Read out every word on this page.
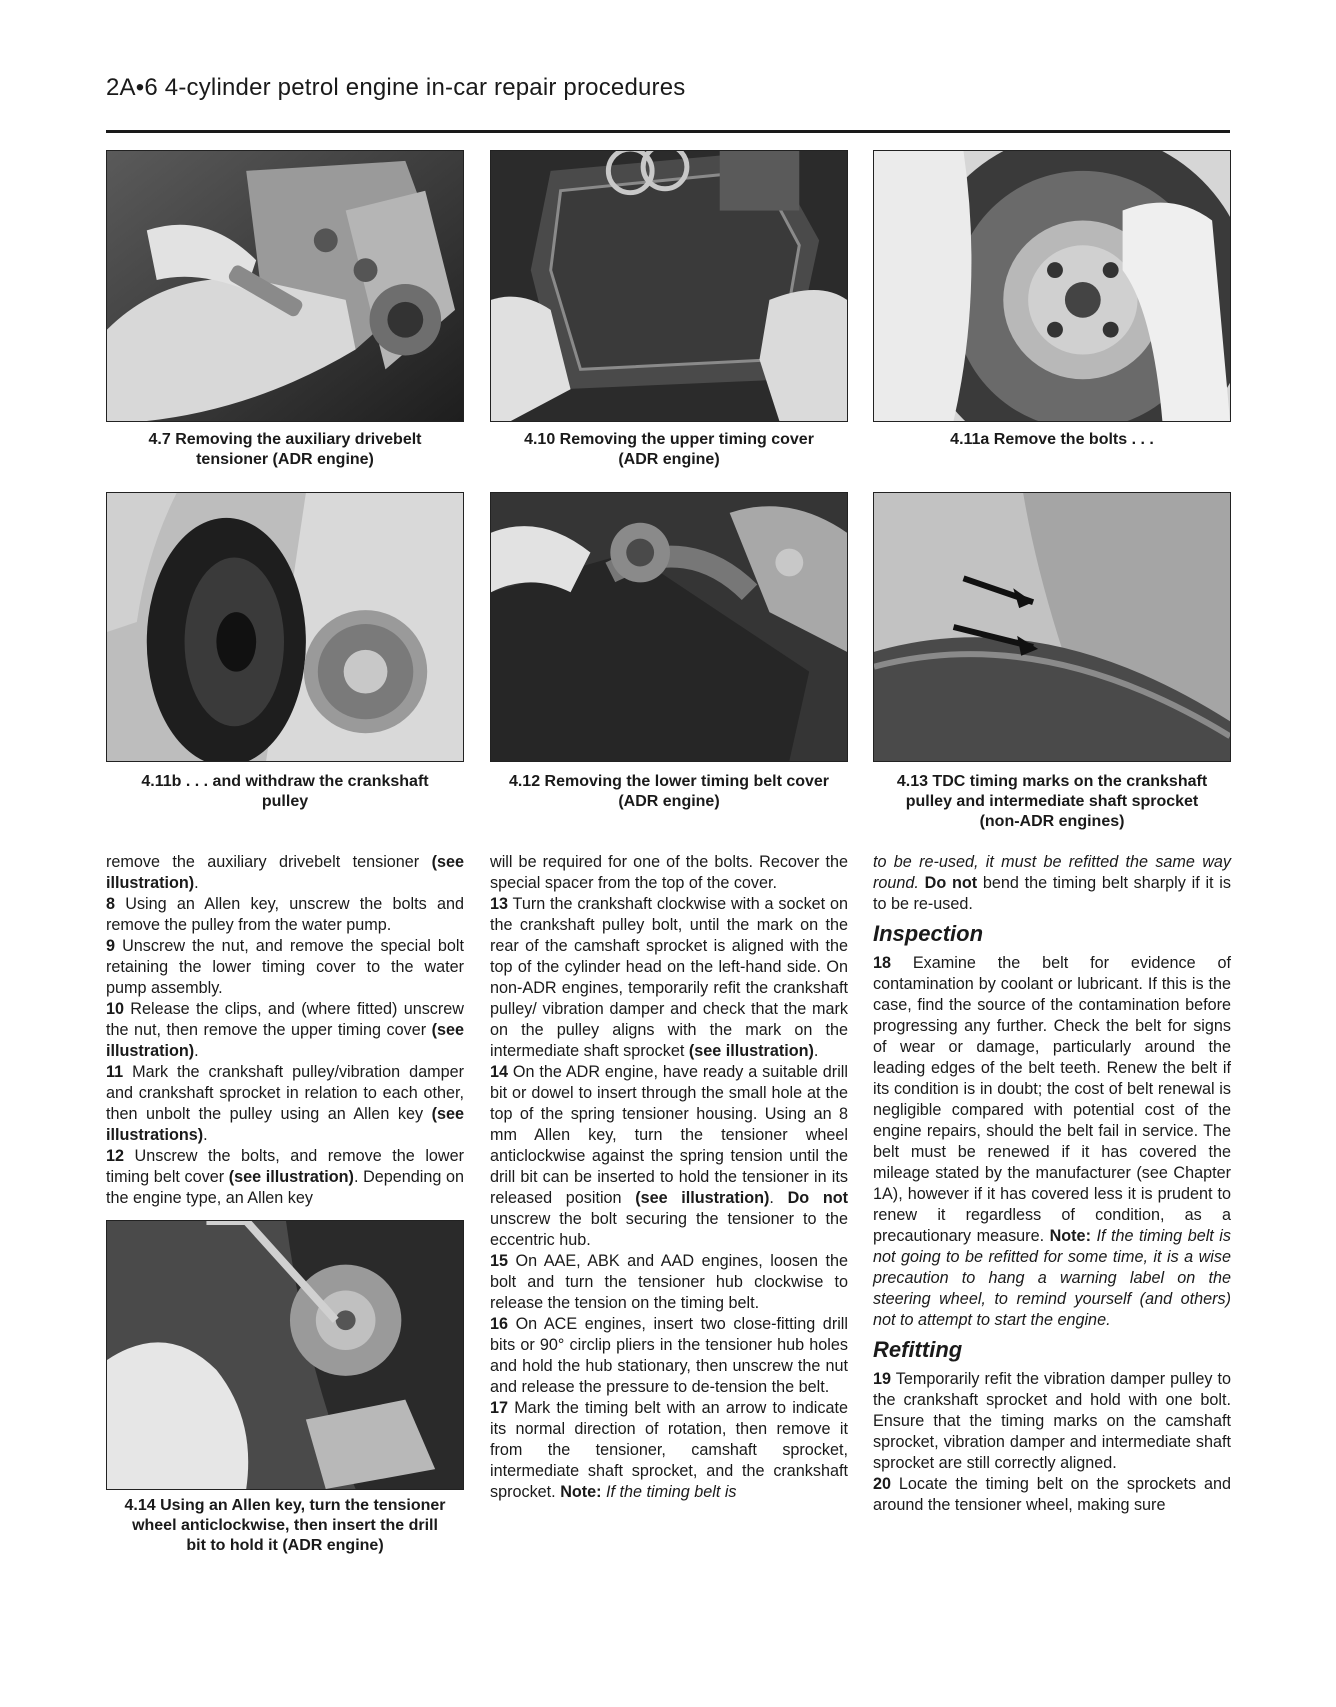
2A•6 4-cylinder petrol engine in-car repair procedures
4.7 Removing the auxiliary drivebelt
tensioner (ADR engine)
4.10 Removing the upper timing cover
(ADR engine)
4.11a Remove the bolts . . .
4.11b . . . and withdraw the crankshaft
pulley
4.12 Removing the lower timing belt cover
(ADR engine)
4.13 TDC timing marks on the crankshaft
pulley and intermediate shaft sprocket
(non-ADR engines)

remove the auxiliary drivebelt tensioner (see illustration).

8 Using an Allen key, unscrew the bolts and remove the pulley from the water pump.

9 Unscrew the nut, and remove the special bolt retaining the lower timing cover to the water pump assembly.

10 Release the clips, and (where fitted) unscrew the nut, then remove the upper timing cover (see illustration).

11 Mark the crankshaft pulley/vibration damper and crankshaft sprocket in relation to each other, then unbolt the pulley using an Allen key (see illustrations).

12 Unscrew the bolts, and remove the lower timing belt cover (see illustration). Depending on the engine type, an Allen key

4.14 Using an Allen key, turn the tensioner
wheel anticlockwise, then insert the drill
bit to hold it (ADR engine)

will be required for one of the bolts. Recover the special spacer from the top of the cover.

13 Turn the crankshaft clockwise with a socket on the crankshaft pulley bolt, until the mark on the rear of the camshaft sprocket is aligned with the top of the cylinder head on the left-hand side. On non-ADR engines, temporarily refit the crankshaft pulley/ vibration damper and check that the mark on the pulley aligns with the mark on the intermediate shaft sprocket (see illustration).

14 On the ADR engine, have ready a suitable drill bit or dowel to insert through the small hole at the top of the spring tensioner housing. Using an 8 mm Allen key, turn the tensioner wheel anticlockwise against the spring tension until the drill bit can be inserted to hold the tensioner in its released position (see illustration). Do not unscrew the bolt securing the tensioner to the eccentric hub.

15 On AAE, ABK and AAD engines, loosen the bolt and turn the tensioner hub clockwise to release the tension on the timing belt.

16 On ACE engines, insert two close-fitting drill bits or 90° circlip pliers in the tensioner hub holes and hold the hub stationary, then unscrew the nut and release the pressure to de-tension the belt.

17 Mark the timing belt with an arrow to indicate its normal direction of rotation, then remove it from the tensioner, camshaft sprocket, intermediate shaft sprocket, and the crankshaft sprocket. Note: If the timing belt is

to be re-used, it must be refitted the same way round. Do not bend the timing belt sharply if it is to be re-used.

Inspection

18 Examine the belt for evidence of contamination by coolant or lubricant. If this is the case, find the source of the contamination before progressing any further. Check the belt for signs of wear or damage, particularly around the leading edges of the belt teeth. Renew the belt if its condition is in doubt; the cost of belt renewal is negligible compared with potential cost of the engine repairs, should the belt fail in service. The belt must be renewed if it has covered the mileage stated by the manufacturer (see Chapter 1A), however if it has covered less it is prudent to renew it regardless of condition, as a precautionary measure. Note: If the timing belt is not going to be refitted for some time, it is a wise precaution to hang a warning label on the steering wheel, to remind yourself (and others) not to attempt to start the engine.

Refitting

19 Temporarily refit the vibration damper pulley to the crankshaft sprocket and hold with one bolt. Ensure that the timing marks on the camshaft sprocket, vibration damper and intermediate shaft sprocket are still correctly aligned.

20 Locate the timing belt on the sprockets and around the tensioner wheel, making sure
